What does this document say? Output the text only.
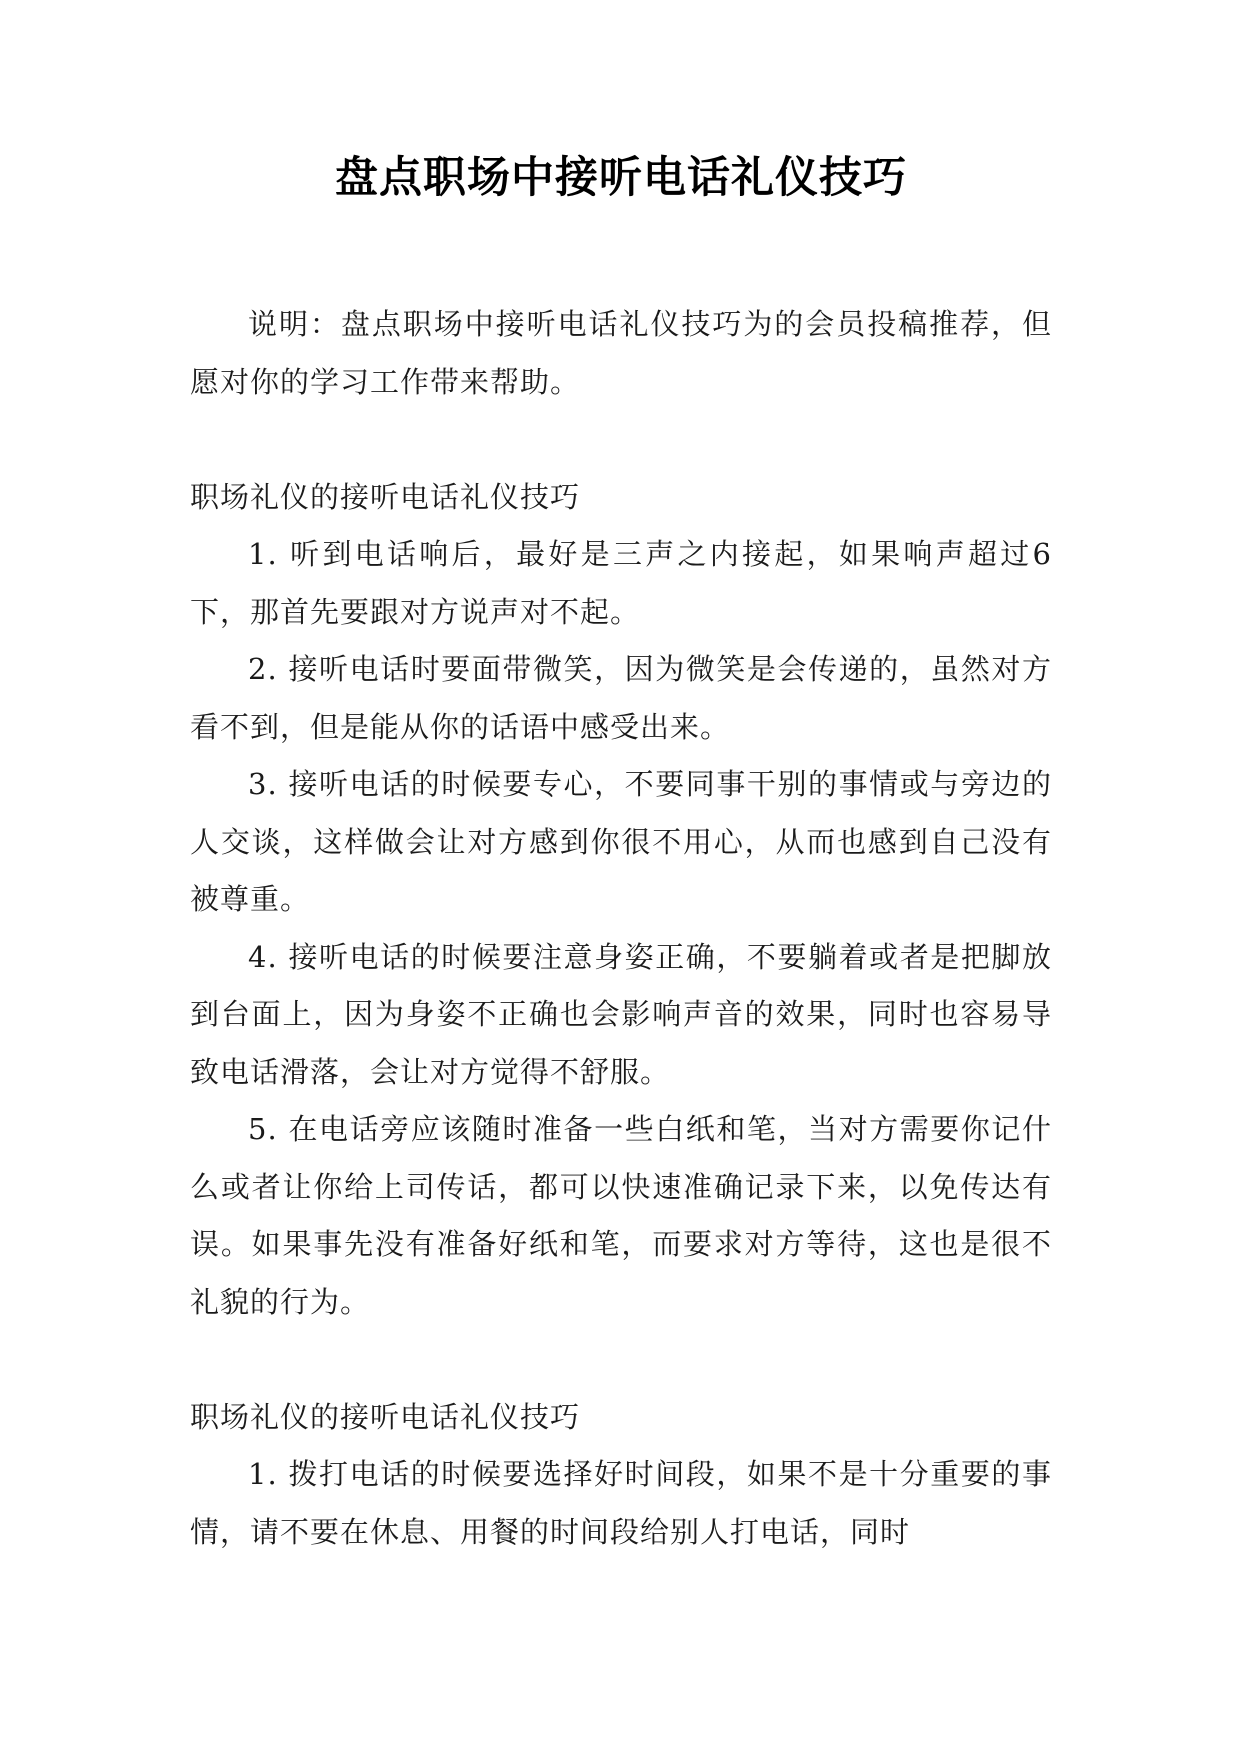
盘点职场中接听电话礼仪技巧

说明：盘点职场中接听电话礼仪技巧为的会员投稿推荐，但愿对你的学习工作带来帮助。

职场礼仪的接听电话礼仪技巧

1. 听到电话响后，最好是三声之内接起，如果响声超过6下，那首先要跟对方说声对不起。

2. 接听电话时要面带微笑，因为微笑是会传递的，虽然对方看不到，但是能从你的话语中感受出来。

3. 接听电话的时候要专心，不要同事干别的事情或与旁边的人交谈，这样做会让对方感到你很不用心，从而也感到自己没有被尊重。

4. 接听电话的时候要注意身姿正确，不要躺着或者是把脚放到台面上，因为身姿不正确也会影响声音的效果，同时也容易导致电话滑落，会让对方觉得不舒服。

5. 在电话旁应该随时准备一些白纸和笔，当对方需要你记什么或者让你给上司传话，都可以快速准确记录下来，以免传达有误。如果事先没有准备好纸和笔，而要求对方等待，这也是很不礼貌的行为。

职场礼仪的接听电话礼仪技巧

1. 拨打电话的时候要选择好时间段，如果不是十分重要的事情，请不要在休息、用餐的时间段给别人打电话，同时
